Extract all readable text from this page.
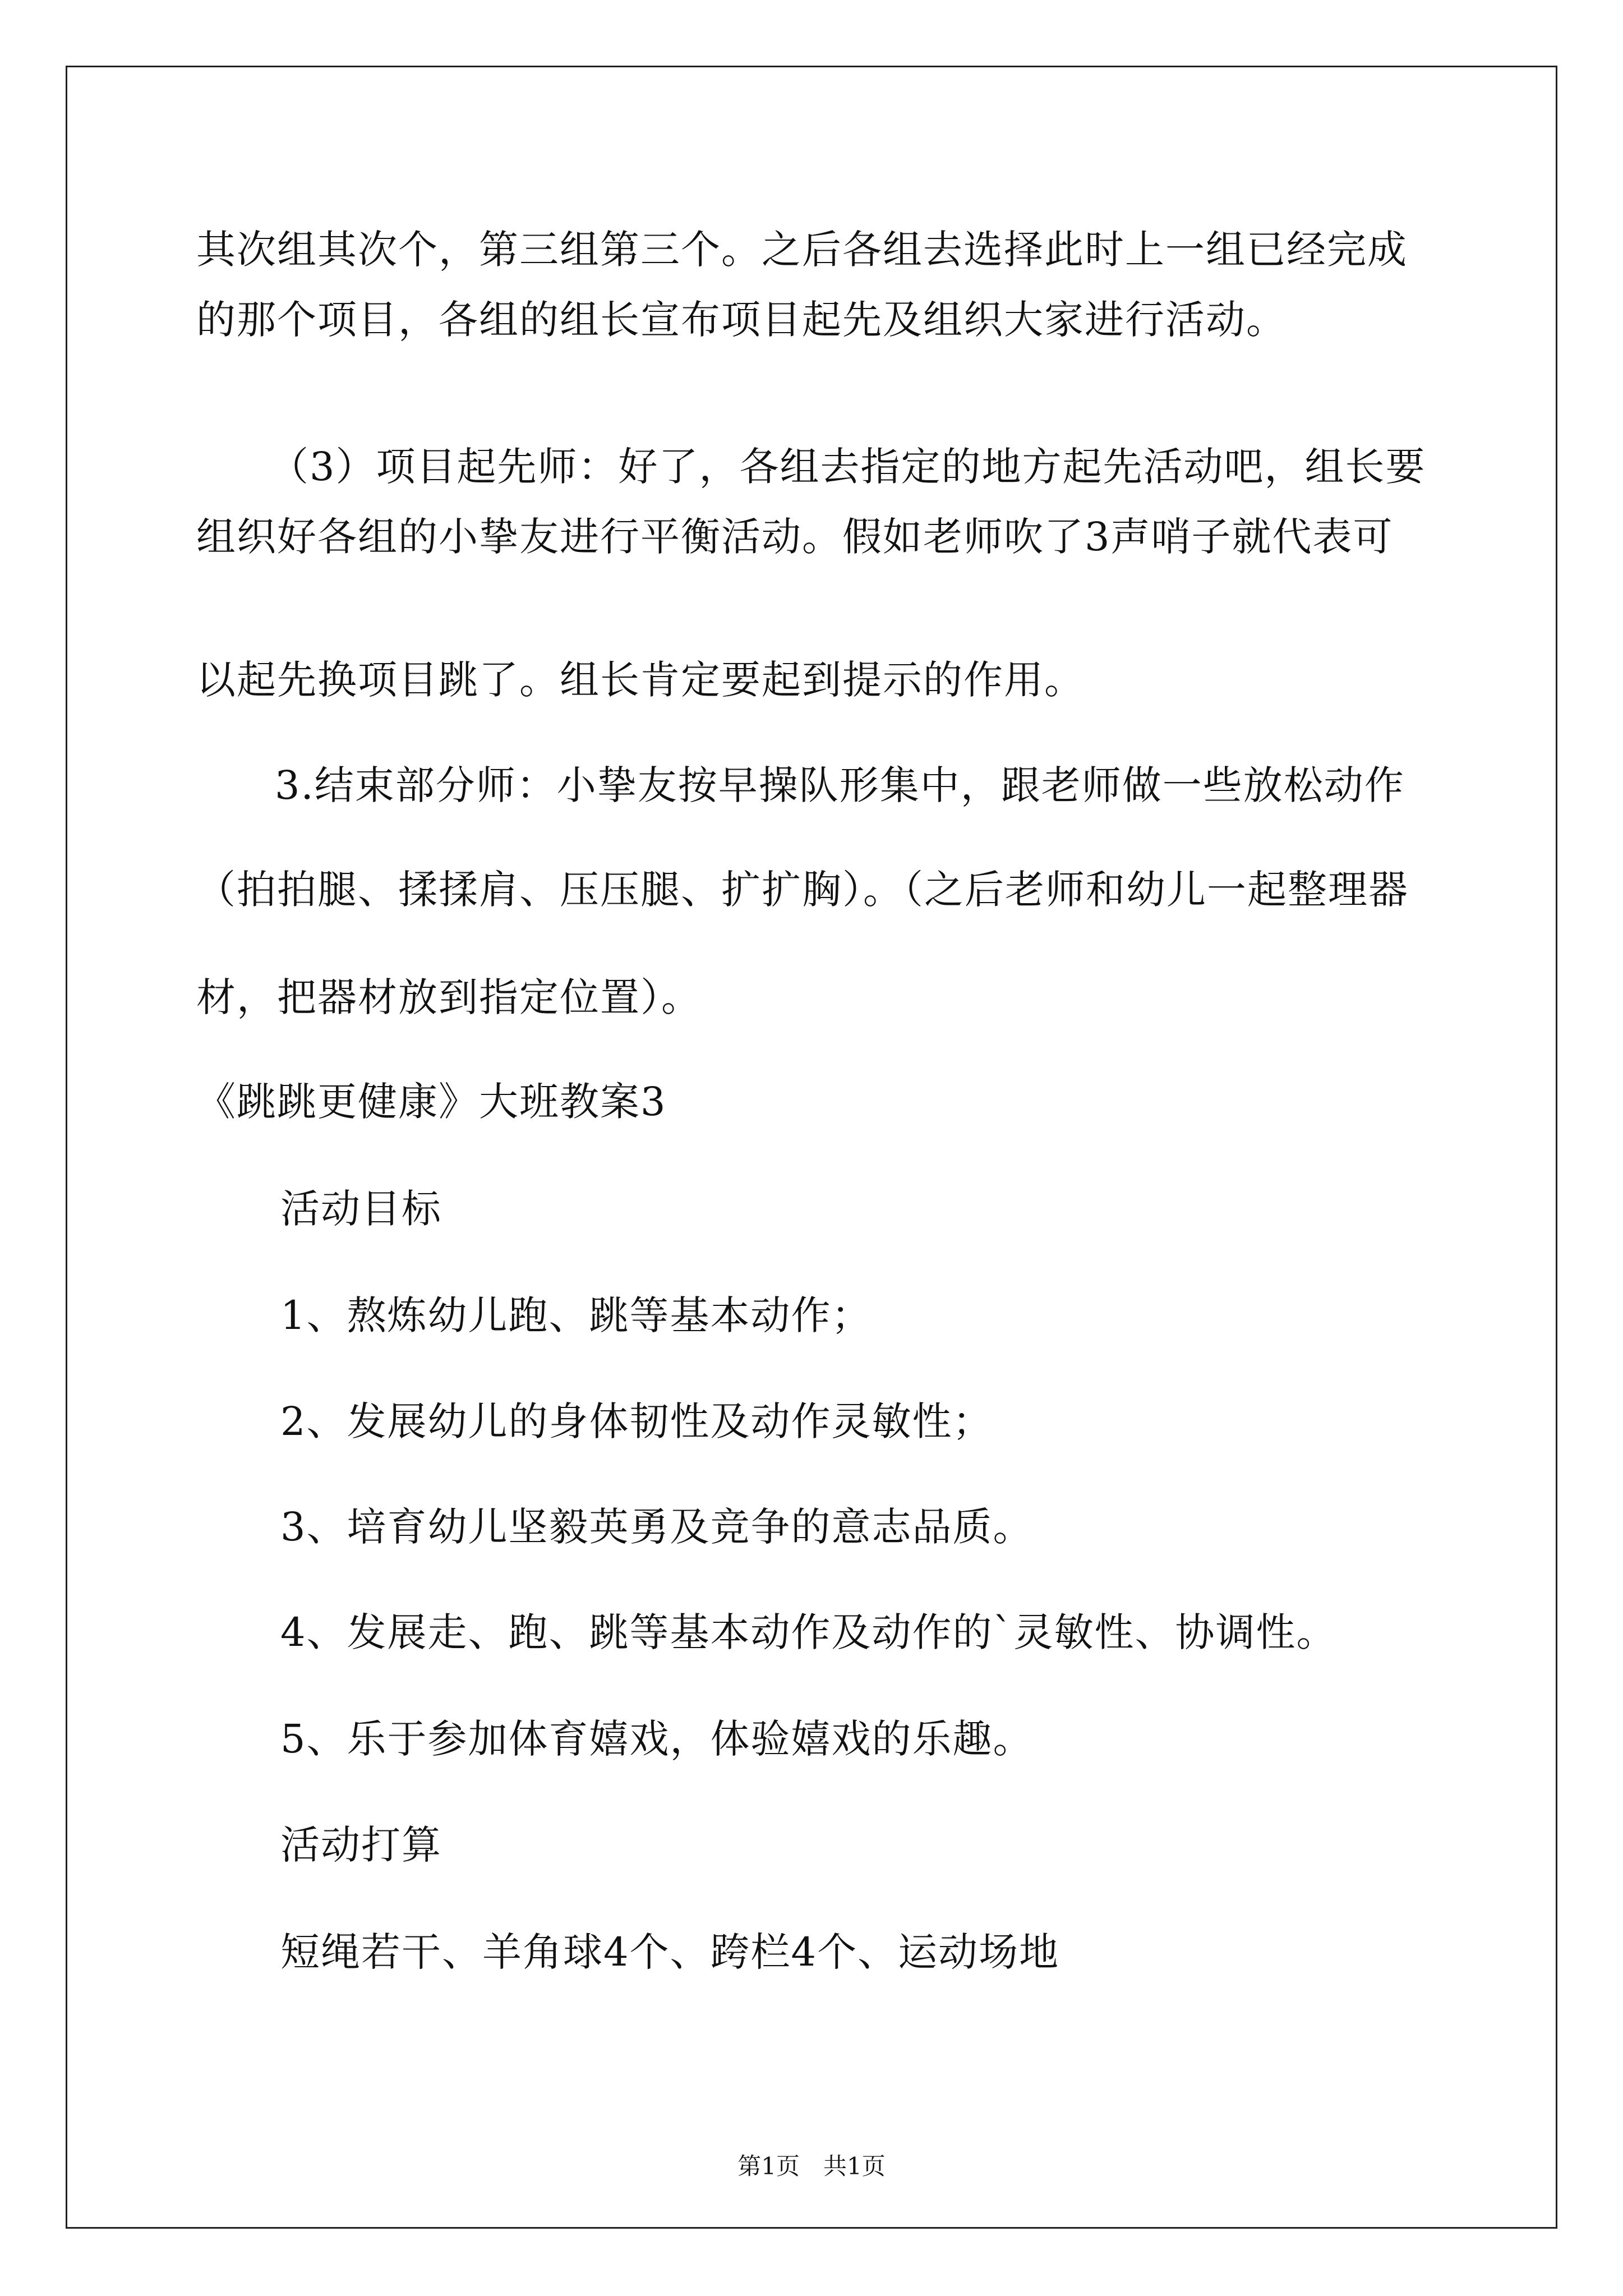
其次组其次个，第三组第三个。之后各组去选择此时上一组已经完成
的那个项目，各组的组长宣布项目起先及组织大家进行活动。
（3）项目起先师：好了，各组去指定的地方起先活动吧，组长要
组织好各组的小挚友进行平衡活动。假如老师吹了3声哨子就代表可
以起先换项目跳了。组长肯定要起到提示的作用。
3.结束部分师：小挚友按早操队形集中，跟老师做一些放松动作
（拍拍腿、揉揉肩、压压腿、扩扩胸）。（之后老师和幼儿一起整理器
材，把器材放到指定位置）。
《跳跳更健康》大班教案3
活动目标
1、熬炼幼儿跑、跳等基本动作；
2、发展幼儿的身体韧性及动作灵敏性；
3、培育幼儿坚毅英勇及竞争的意志品质。
4、发展走、跑、跳等基本动作及动作的`灵敏性、协调性。
5、乐于参加体育嬉戏，体验嬉戏的乐趣。
活动打算
短绳若干、羊角球4个、跨栏4个、运动场地
第1页　共1页
